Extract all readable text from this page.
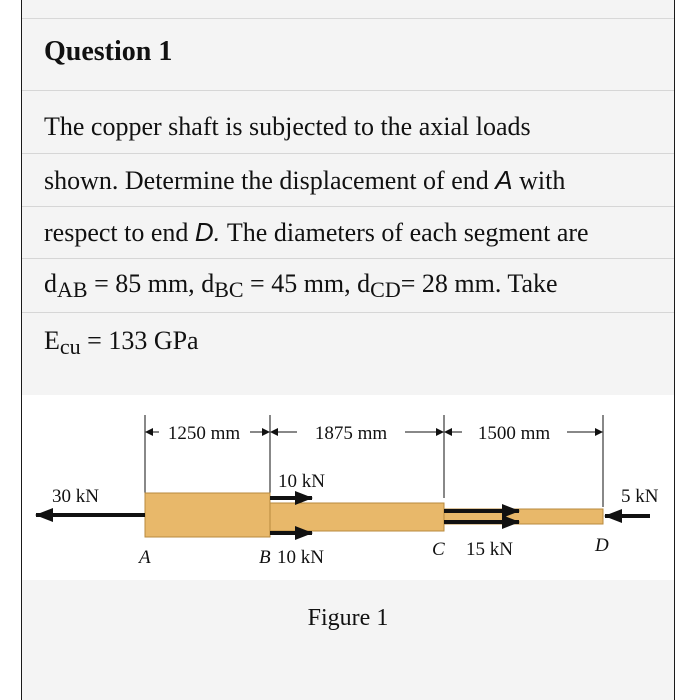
Question 1
The copper shaft is subjected to the axial loads
shown. Determine the displacement of end A with
respect to end D. The diameters of each segment are
$d_{AB} = 85$ mm, $d_{BC} = 45$ mm, $d_{CD}= 28$ mm. Take
$E_{cu} = 133$ GPa
1250 mm	1875 mm	1500 mm
30 kN
10 kN
5 kN
A	B 10 kN	C 15 kN	D
Figure 1
